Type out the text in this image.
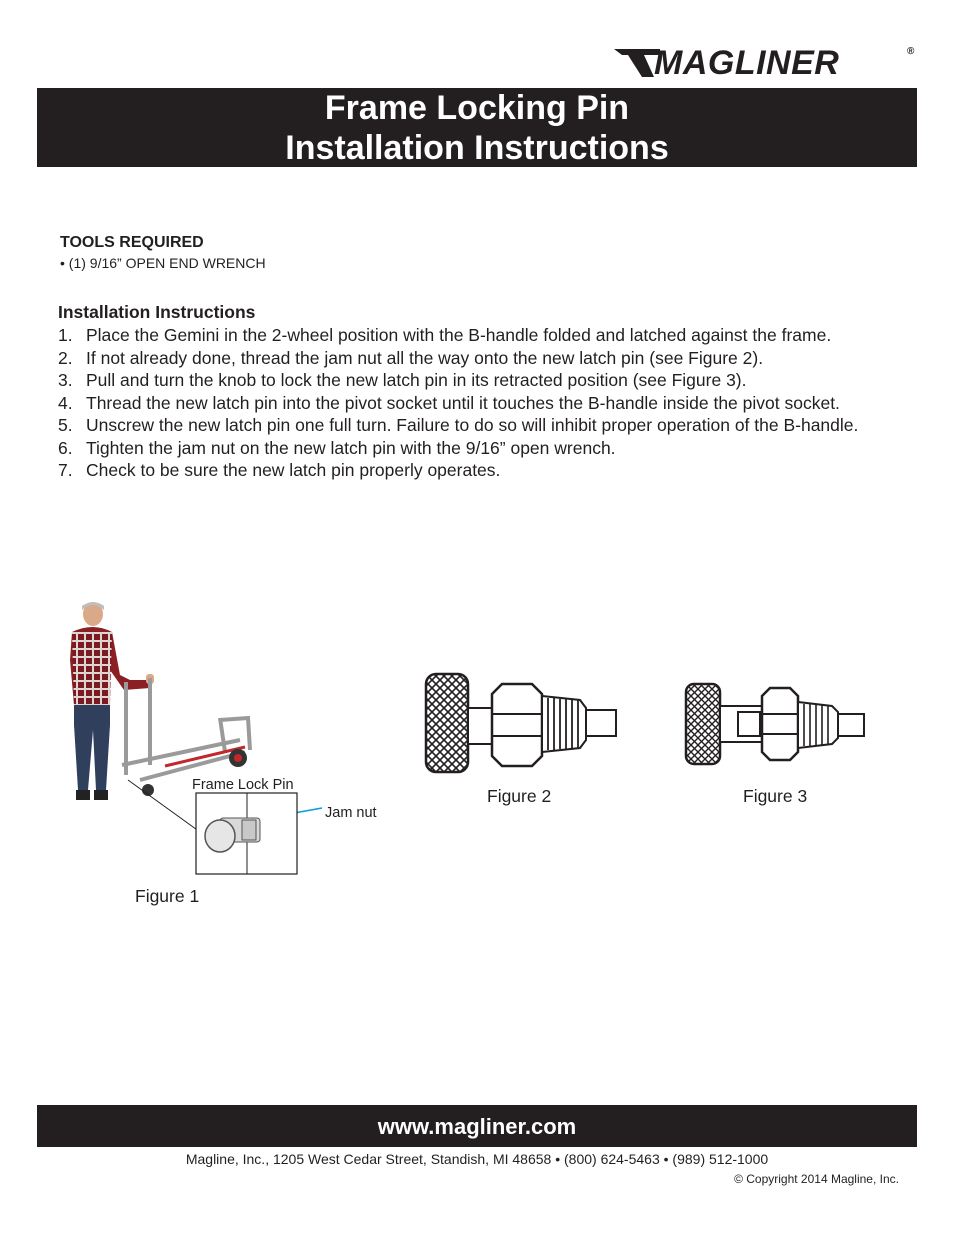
MAGLINER	®
Frame Locking Pin
Installation Instructions
TOOLS REQUIRED
• (1) 9/16” OPEN END WRENCH
Installation Instructions
1. Place the Gemini in the 2-wheel position with the B-handle folded and latched against the frame.
2. If not already done, thread the jam nut all the way onto the new latch pin (see Figure 2).
3. Pull and turn the knob to lock the new latch pin in its retracted position (see Figure 3).
4. Thread the new latch pin into the pivot socket until it touches the B-handle inside the pivot socket.
5. Unscrew the new latch pin one full turn. Failure to do so will inhibit proper operation of the B-handle.
6. Tighten the jam nut on the new latch pin with the 9/16” open wrench.
7. Check to be sure the new latch pin properly operates.
Frame Lock Pin
Jam nut
Figure 1
Figure 2	Figure 3
www.magliner.com
Magline, Inc., 1205 West Cedar Street, Standish, MI 48658 • (800) 624-5463 • (989) 512-1000
© Copyright 2014 Magline, Inc.
